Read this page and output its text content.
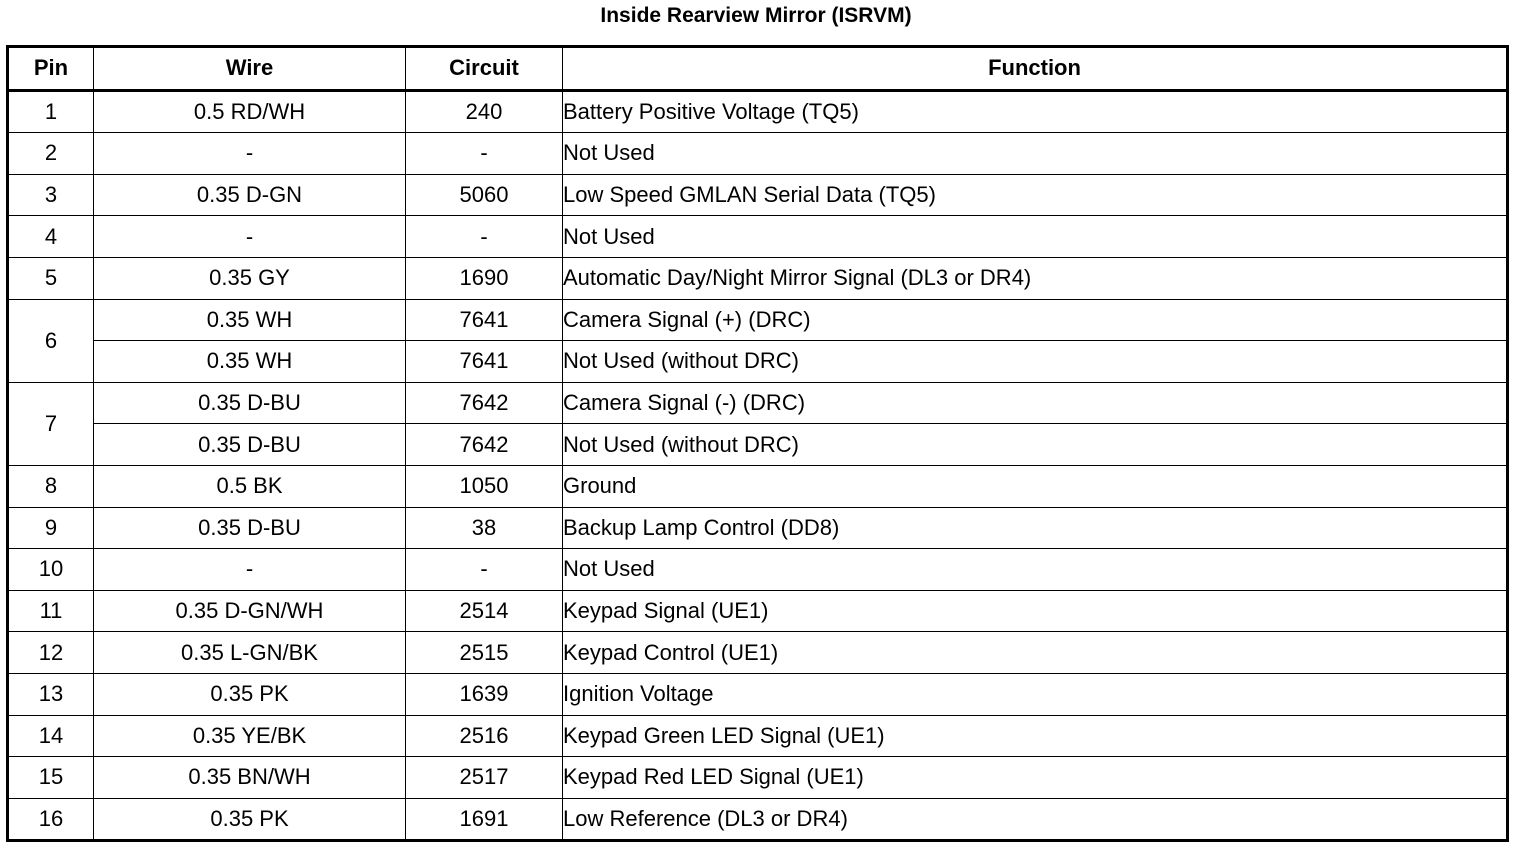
Inside Rearview Mirror (ISRVM)
Pin	Wire	Circuit	Function
1	0.5 RD/WH	240	Battery Positive Voltage (TQ5)
2	-	-	Not Used
3	0.35 D-GN	5060	Low Speed GMLAN Serial Data (TQ5)
4	-	-	Not Used
5	0.35 GY	1690	Automatic Day/Night Mirror Signal (DL3 or DR4)
6	0.35 WH	7641	Camera Signal (+) (DRC)
	0.35 WH	7641	Not Used (without DRC)
7	0.35 D-BU	7642	Camera Signal (-) (DRC)
	0.35 D-BU	7642	Not Used (without DRC)
8	0.5 BK	1050	Ground
9	0.35 D-BU	38	Backup Lamp Control (DD8)
10	-	-	Not Used
11	0.35 D-GN/WH	2514	Keypad Signal (UE1)
12	0.35 L-GN/BK	2515	Keypad Control (UE1)
13	0.35 PK	1639	Ignition Voltage
14	0.35 YE/BK	2516	Keypad Green LED Signal (UE1)
15	0.35 BN/WH	2517	Keypad Red LED Signal (UE1)
16	0.35 PK	1691	Low Reference (DL3 or DR4)
